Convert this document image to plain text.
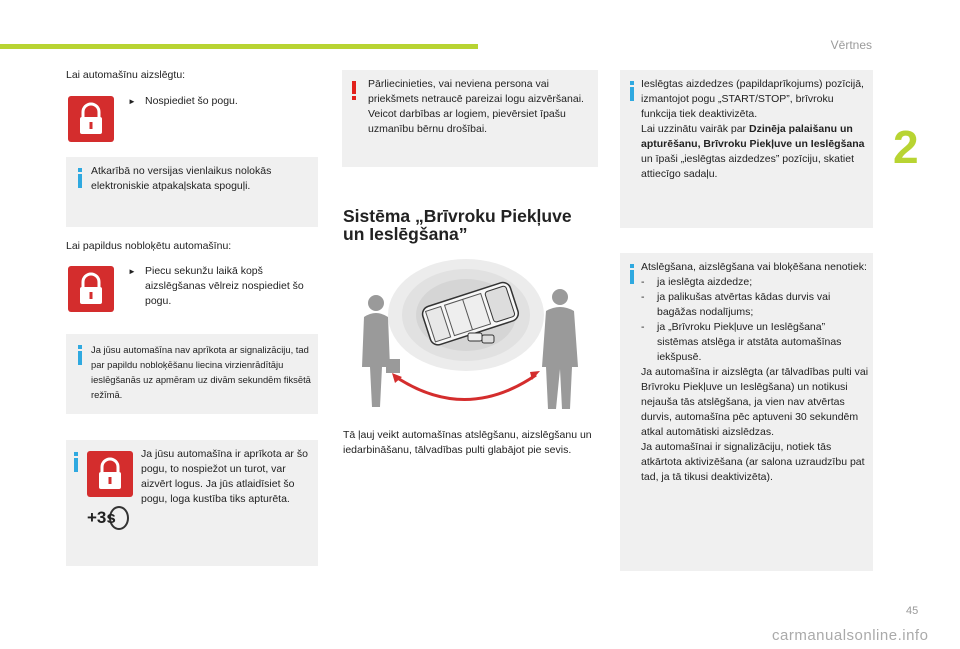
Vērtnes
2
Lai automašīnu aizslēgtu:
► Nospiediet šo pogu.
Atkarībā no versijas vienlaikus nolokās elektroniskie atpakaļskata spoguļi.
Lai papildus nobloķētu automašīnu:
► Piecu sekunžu laikā kopš aizslēgšanas vēlreiz nospiediet šo pogu.
Ja jūsu automašīna nav aprīkota ar signalizāciju, tad par papildu nobloķēšanu liecina virzienrādītāju ieslēgšanās uz apmēram uz divām sekundēm fiksētā režīmā.
+3s
Ja jūsu automašīna ir aprīkota ar šo pogu, to nospiežot un turot, var aizvērt logus. Ja jūs atlaidīsiet šo pogu, loga kustība tiks apturēta.
Pārliecinieties, vai neviena persona vai priekšmets netraucē pareizai logu aizvēršanai.
Veicot darbības ar logiem, pievērsiet īpašu uzmanību bērnu drošībai.
Sistēma „Brīvroku Piekļuve
un Ieslēgšana”
Tā ļauj veikt automašīnas atslēgšanu, aizslēgšanu un iedarbināšanu, tālvadības pulti glabājot pie sevis.
Ieslēgtas aizdedzes (papildaprīkojums) pozīcijā, izmantojot pogu „START/STOP”, brīvroku funkcija tiek deaktivizēta.
Lai uzzinātu vairāk par Dzinēja palaišanu un apturēšanu, Brīvroku Piekļuve un Ieslēgšana un īpaši „ieslēgtas aizdedzes” pozīciju, skatiet attiecīgo sadaļu.
Atslēgšana, aizslēgšana vai bloķēšana nenotiek:
-	ja ieslēgta aizdedze;
-	ja palikušas atvērtas kādas durvis vai bagāžas nodalījums;
-	ja „Brīvroku Piekļuve un Ieslēgšana” sistēmas atslēga ir atstāta automašīnas iekšpusē.
Ja automašīna ir aizslēgta (ar tālvadības pulti vai Brīvroku Piekļuve un Ieslēgšana) un notikusi nejauša tās atslēgšana, ja vien nav atvērtas durvis, automašīna pēc aptuveni 30 sekundēm atkal automātiski aizslēdzas.
Ja automašīnai ir signalizāciju, notiek tās atkārtota aktivizēšana (ar salona uzraudzību pat tad, ja tā tikusi deaktivizēta).
45
carmanualsonline.info
